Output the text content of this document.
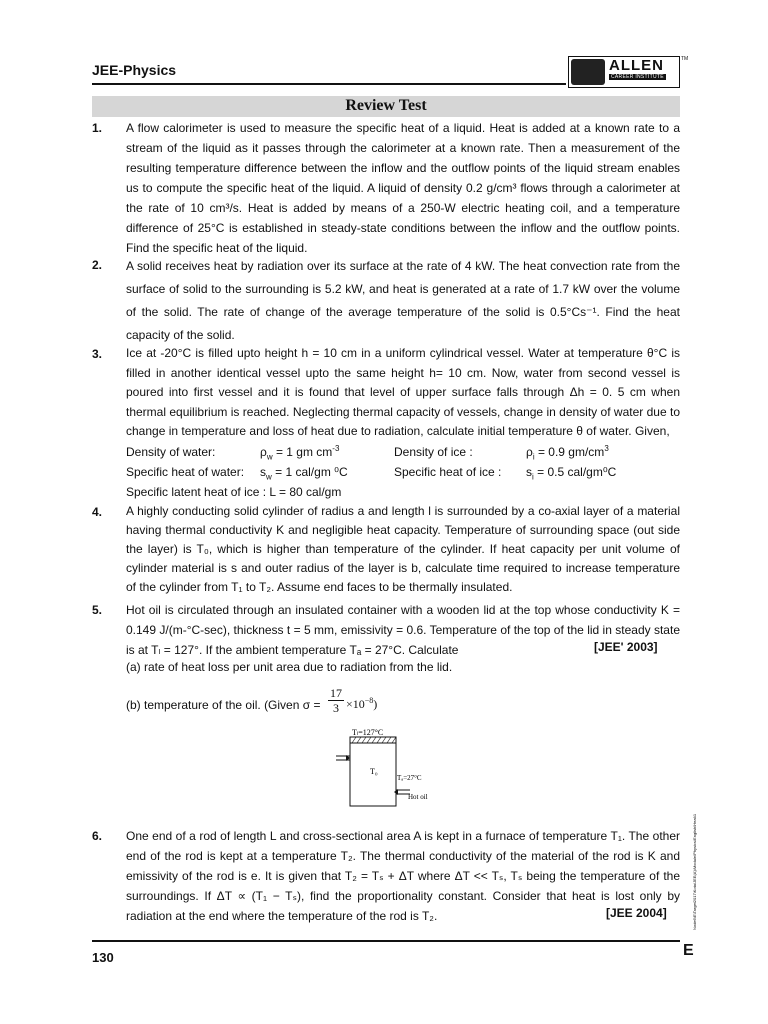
JEE-Physics	ALLEN
CAREER INSTITUTE
TM
Review Test
1. A flow calorimeter is used to measure the specific heat of a liquid. Heat is added at a known rate to a stream of the liquid as it passes through the calorimeter at a known rate. Then a measurement of the resulting temperature difference between the inflow and the outflow points of the liquid stream enables us to compute the specific heat of the liquid. A liquid of density 0.2 g/cm³ flows through a calorimeter at the rate of 10 cm³/s. Heat is added by means of a 250-W electric heating coil, and a temperature difference of 25°C is established in steady-state conditions between the inflow and the outflow points. Find the specific heat of the liquid.
2. A solid receives heat by radiation over its surface at the rate of 4 kW. The heat convection rate from the surface of solid to the surrounding is 5.2 kW, and heat is generated at a rate of 1.7 kW over the volume of the solid. The rate of change of the average temperature of the solid is 0.5°Cs⁻¹. Find the heat capacity of the solid.
3. Ice at -20°C is filled upto height h = 10 cm in a uniform cylindrical vessel. Water at temperature θ°C is filled in another identical vessel upto the same height h= 10 cm. Now, water from second vessel is poured into first vessel and it is found that level of upper surface falls through Δh = 0. 5 cm when thermal equilibrium is reached. Neglecting thermal capacity of vessels, change in density of water due to change in temperature and loss of heat due to radiation, calculate initial temperature θ of water. Given,
Density of water:	$\rho_w = 1$ gm $cm^{-3}$	Density of ice :	$\rho_i = 0.9$ $gm/cm^3$
Specific heat of water: $s_w = 1$ cal/gm ⁰C	Specific heat of ice : $s_i = 0.5$ cal/gm⁰C
Specific latent heat of ice : L = 80 cal/gm
4. A highly conducting solid cylinder of radius a and length l is surrounded by a co-axial layer of a material having thermal conductivity K and negligible heat capacity. Temperature of surrounding space (out side the layer) is T₀, which is higher than temperature of the cylinder. If heat capacity per unit volume of cylinder material is s and outer radius of the layer is b, calculate time required to increase temperature of the cylinder from T₁ to T₂. Assume end faces to be thermally insulated.
5. Hot oil is circulated through an insulated container with a wooden lid at the top whose conductivity K = 0.149 J/(m-°C-sec), thickness t = 5 mm, emissivity = 0.6. Temperature of the top of the lid in steady state is at Tₗ = 127°. If the ambient temperature Tₐ = 27°C. Calculate	[JEE' 2003]
(a) rate of heat loss per unit area due to radiation from the lid.
(b) temperature of the oil. (Given $\sigma = \frac{17}{3} \times 10^{-8}$)
Tₗ=127°C
T₀
Tₐ=27°C
Hot oil
6. One end of a rod of length L and cross-sectional area A is kept in a furnace of temperature T₁. The other end of the rod is kept at a temperature T₂. The thermal conductivity of the material of the rod is K and emissivity of the rod is e. It is given that T₂ = Tₛ + ΔT where ΔT << Tₛ, Tₛ being the temperature of the surroundings. If ΔT ∝ (T₁ − Tₛ), find the proportionality constant. Consider that heat is lost only by radiation at the end where the temperature of the rod is T₂.	[JEE 2004]
130	E
Node6\E\Target2017\Kota\JEE(A)\Module\Physics\English\Heat\1
